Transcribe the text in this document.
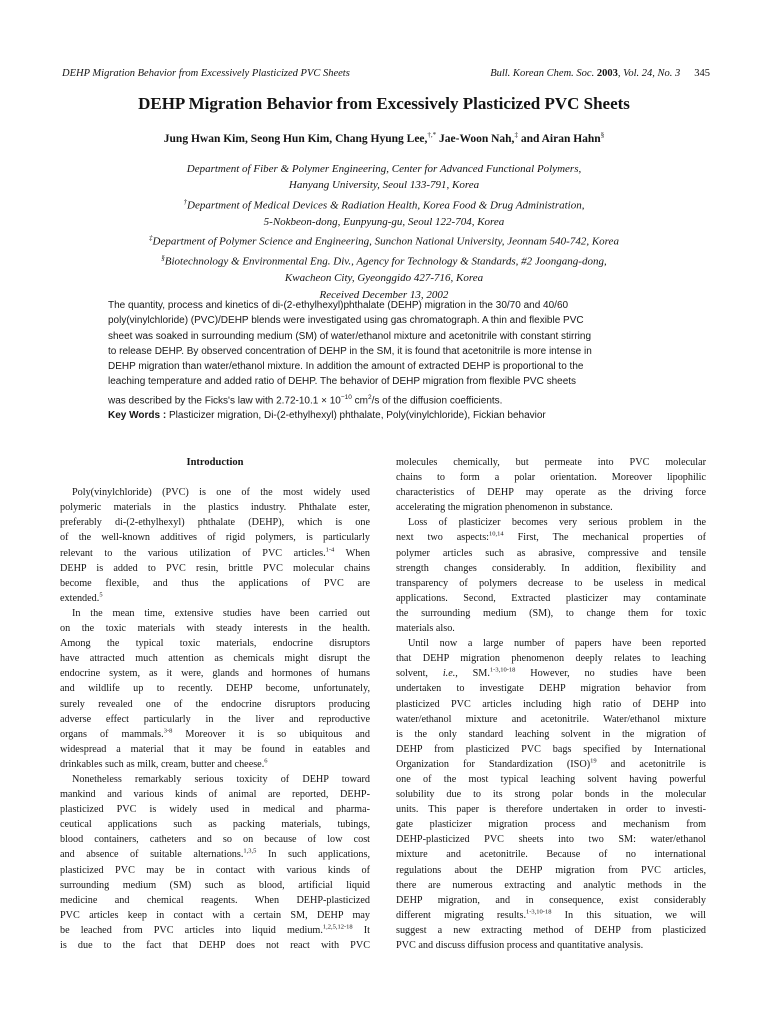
DEHP Migration Behavior from Excessively Plasticized PVC Sheets	Bull. Korean Chem. Soc. 2003, Vol. 24, No. 3 345
DEHP Migration Behavior from Excessively Plasticized PVC Sheets
Jung Hwan Kim, Seong Hun Kim, Chang Hyung Lee,†,* Jae-Woon Nah,‡ and Airan Hahn§
Department of Fiber & Polymer Engineering, Center for Advanced Functional Polymers,
Hanyang University, Seoul 133-791, Korea
†Department of Medical Devices & Radiation Health, Korea Food & Drug Administration,
5-Nokbeon-dong, Eunpyung-gu, Seoul 122-704, Korea
‡Department of Polymer Science and Engineering, Sunchon National University, Jeonnam 540-742, Korea
§Biotechnology & Environmental Eng. Div., Agency for Technology & Standards, #2 Joongang-dong,
Kwacheon City, Gyeonggido 427-716, Korea
Received December 13, 2002
The quantity, process and kinetics of di-(2-ethylhexyl)phthalate (DEHP) migration in the 30/70 and 40/60
poly(vinylchloride) (PVC)/DEHP blends were investigated using gas chromatograph. A thin and flexible PVC
sheet was soaked in surrounding medium (SM) of water/ethanol mixture and acetonitrile with constant stirring
to release DEHP. By observed concentration of DEHP in the SM, it is found that acetonitrile is more intense in
DEHP migration than water/ethanol mixture. In addition the amount of extracted DEHP is proportional to the
leaching temperature and added ratio of DEHP. The behavior of DEHP migration from flexible PVC sheets
was described by the Ficks's law with $2.72-10.1 \times 10^{-10}$ $cm^2/s$ of the diffusion coefficients.
Key Words : Plasticizer migration, Di-(2-ethylhexyl) phthalate, Poly(vinylchloride), Fickian behavior
Introduction
Poly(vinylchloride) (PVC) is one of the most widely used
polymeric materials in the plastics industry. Phthalate ester,
preferably di-(2-ethylhexyl) phthalate (DEHP), which is one
of the well-known additives of rigid polymers, is particularly
relevant to the various utilization of PVC articles.$^{1-4}$ When
DEHP is added to PVC resin, brittle PVC molecular chains
become flexible, and thus the applications of PVC are
extended.$^5$
In the mean time, extensive studies have been carried out
on the toxic materials with steady interests in the health.
Among the typical toxic materials, endocrine disruptors
have attracted much attention as chemicals might disrupt the
endocrine system, as it were, glands and hormones of humans
and wildlife up to recently. DEHP become, unfortunately,
surely revealed one of the endocrine disruptors producing
adverse effect particularly in the liver and reproductive
organs of mammals.$^{3-8}$ Moreover it is so ubiquitous and
widespread a material that it may be found in eatables and
drinkables such as milk, cream, butter and cheese.$^6$
Nonetheless remarkably serious toxicity of DEHP toward
mankind and various kinds of animal are reported, DEHP-
plasticized PVC is widely used in medical and pharma-
ceutical applications such as packing materials, tubings,
blood containers, catheters and so on because of low cost
and absence of suitable alternations.$^{1,3,5}$ In such applications,
plasticized PVC may be in contact with various kinds of
surrounding medium (SM) such as blood, artificial liquid
medicine and chemical reagents. When DEHP-plasticized
PVC articles keep in contact with a certain SM, DEHP may
be leached from PVC articles into liquid medium.$^{1,2,5,12-18}$ It
is due to the fact that DEHP does not react with PVC
molecules chemically, but permeate into PVC molecular
chains to form a polar orientation. Moreover lipophilic
characteristics of DEHP may operate as the driving force
accelerating the migration phenomenon in substance.
Loss of plasticizer becomes very serious problem in the
next two aspects:$^{10,14}$ First, The mechanical properties of
polymer articles such as abrasive, compressive and tensile
strength changes considerably. In addition, flexibility and
transparency of polymers decrease to be useless in medical
applications. Second, Extracted plasticizer may contaminate
the surrounding medium (SM), to change them for toxic
materials also.
Until now a large number of papers have been reported
that DEHP migration phenomenon deeply relates to leaching
solvent, i.e., SM.$^{1-3,10-18}$ However, no studies have been
undertaken to investigate DEHP migration behavior from
plasticized PVC articles including high ratio of DEHP into
water/ethanol mixture and acetonitrile. Water/ethanol mixture
is the only standard leaching solvent in the migration of
DEHP from plasticized PVC bags specified by International
Organization for Standardization (ISO)$^{19}$ and acetonitrile is
one of the most typical leaching solvent having powerful
solubility due to its strong polar bonds in the molecular
units. This paper is therefore undertaken in order to investi-
gate plasticizer migration process and mechanism from
DEHP-plasticized PVC sheets into two SM: water/ethanol
mixture and acetonitrile. Because of no international
regulations about the DEHP migration from PVC articles,
there are numerous extracting and analytic methods in the
DEHP migration, and in consequence, exist considerably
different migrating results.$^{1-3,10-18}$ In this situation, we will
suggest a new extracting method of DEHP from plasticized
PVC and discuss diffusion process and quantitative analysis.
